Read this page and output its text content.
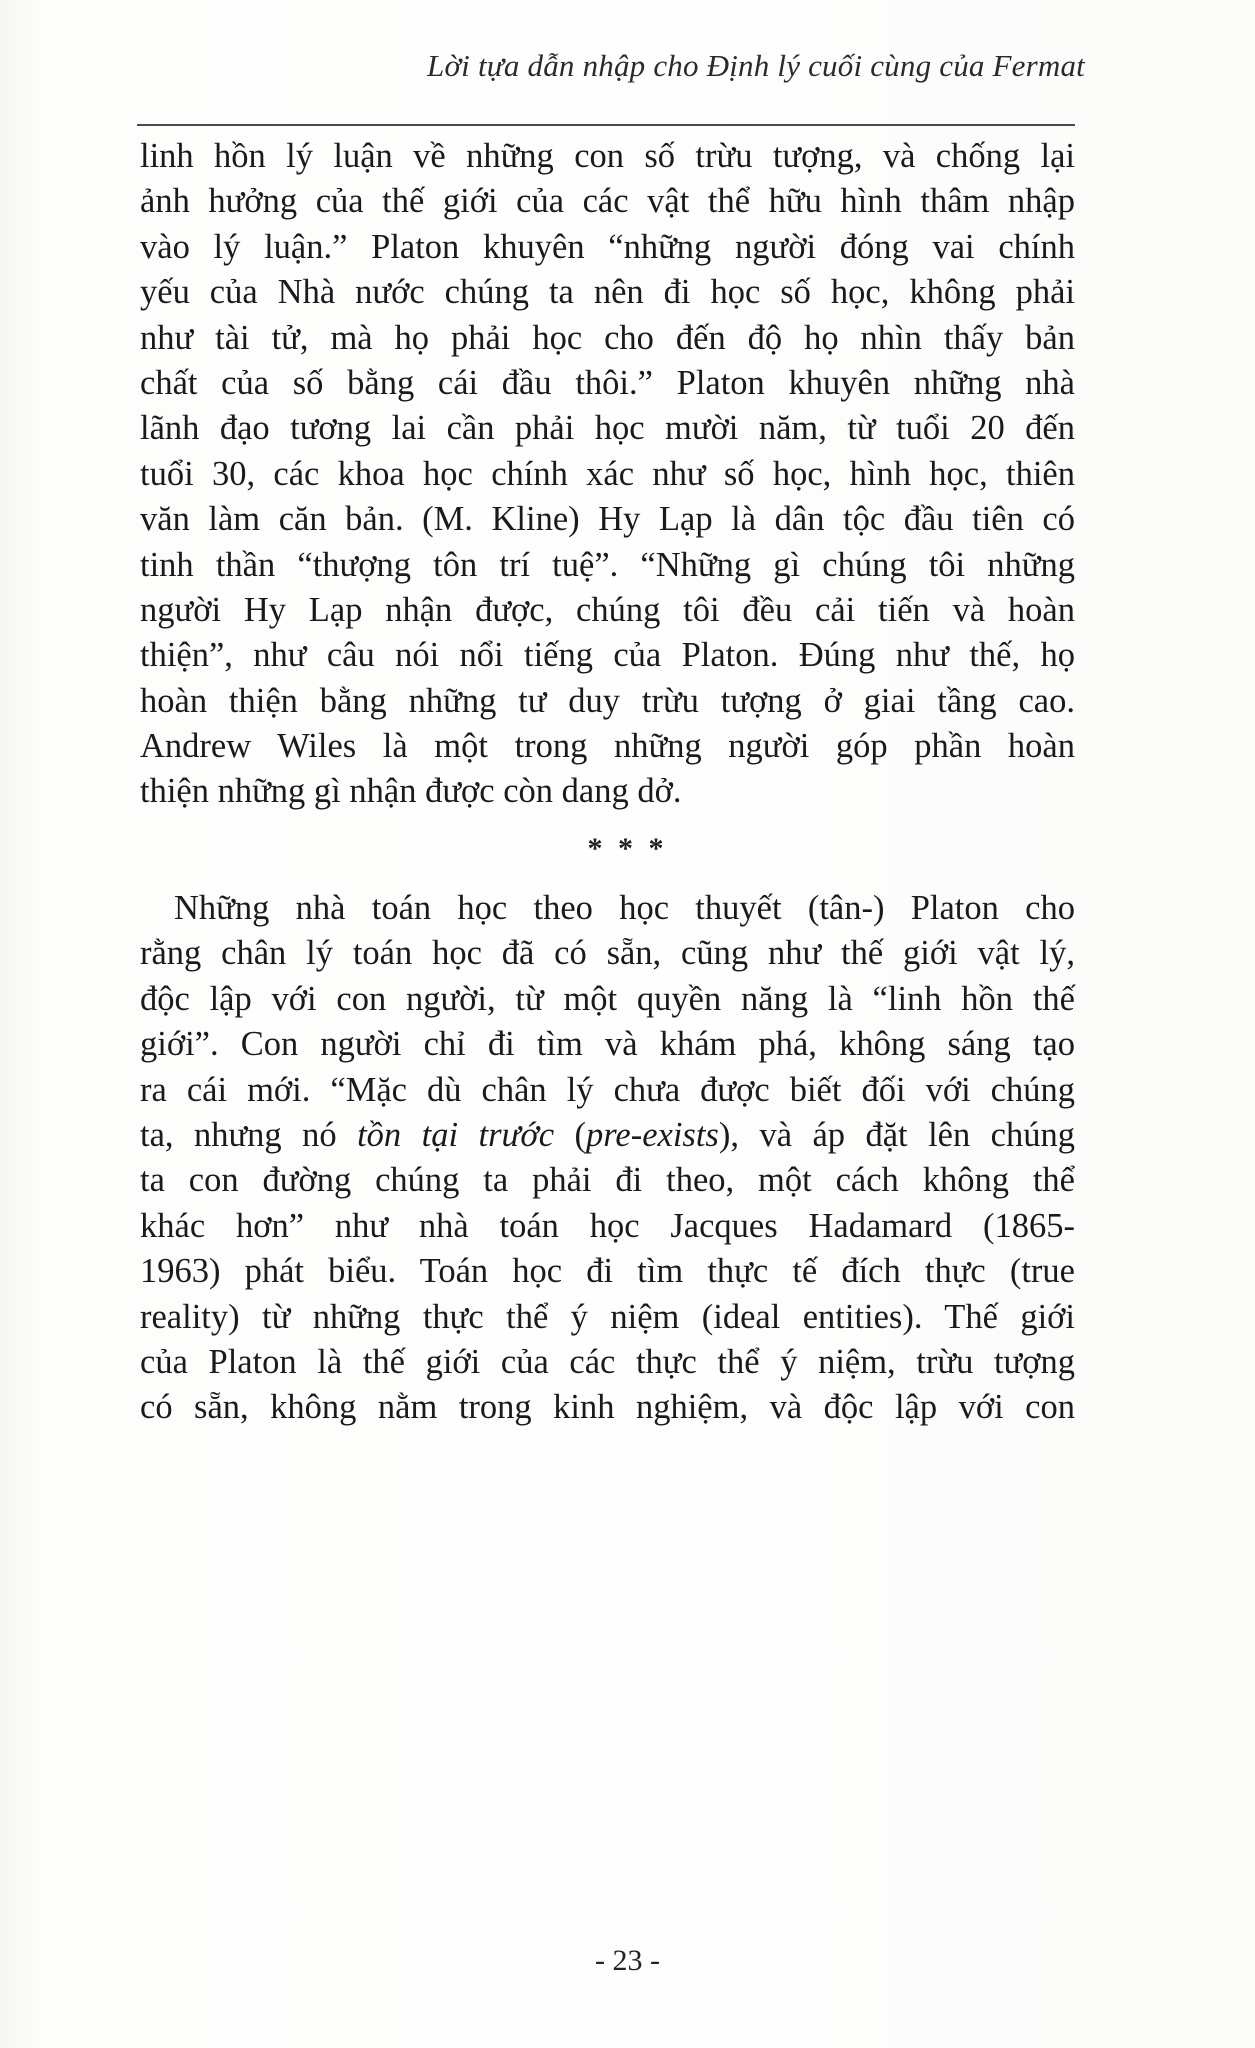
Lời tựa dẫn nhập cho Định lý cuối cùng của Fermat
linh hồn lý luận về những con số trừu tượng, và chống lại
ảnh hưởng của thế giới của các vật thể hữu hình thâm nhập
vào lý luận.” Platon khuyên “những người đóng vai chính
yếu của Nhà nước chúng ta nên đi học số học, không phải
như tài tử, mà họ phải học cho đến độ họ nhìn thấy bản
chất của số bằng cái đầu thôi.” Platon khuyên những nhà
lãnh đạo tương lai cần phải học mười năm, từ tuổi 20 đến
tuổi 30, các khoa học chính xác như số học, hình học, thiên
văn làm căn bản. (M. Kline) Hy Lạp là dân tộc đầu tiên có
tinh thần “thượng tôn trí tuệ”. “Những gì chúng tôi những
người Hy Lạp nhận được, chúng tôi đều cải tiến và hoàn
thiện”, như câu nói nổi tiếng của Platon. Đúng như thế, họ
hoàn thiện bằng những tư duy trừu tượng ở giai tầng cao.
Andrew Wiles là một trong những người góp phần hoàn
thiện những gì nhận được còn dang dở.
* * *
Những nhà toán học theo học thuyết (tân-) Platon cho
rằng chân lý toán học đã có sẵn, cũng như thế giới vật lý,
độc lập với con người, từ một quyền năng là “linh hồn thế
giới”. Con người chỉ đi tìm và khám phá, không sáng tạo
ra cái mới. “Mặc dù chân lý chưa được biết đối với chúng
ta, nhưng nó tồn tại trước (pre-exists), và áp đặt lên chúng
ta con đường chúng ta phải đi theo, một cách không thể
khác hơn” như nhà toán học Jacques Hadamard (1865-
1963) phát biểu. Toán học đi tìm thực tế đích thực (true
reality) từ những thực thể ý niệm (ideal entities). Thế giới
của Platon là thế giới của các thực thể ý niệm, trừu tượng
có sẵn, không nằm trong kinh nghiệm, và độc lập với con
- 23 -
